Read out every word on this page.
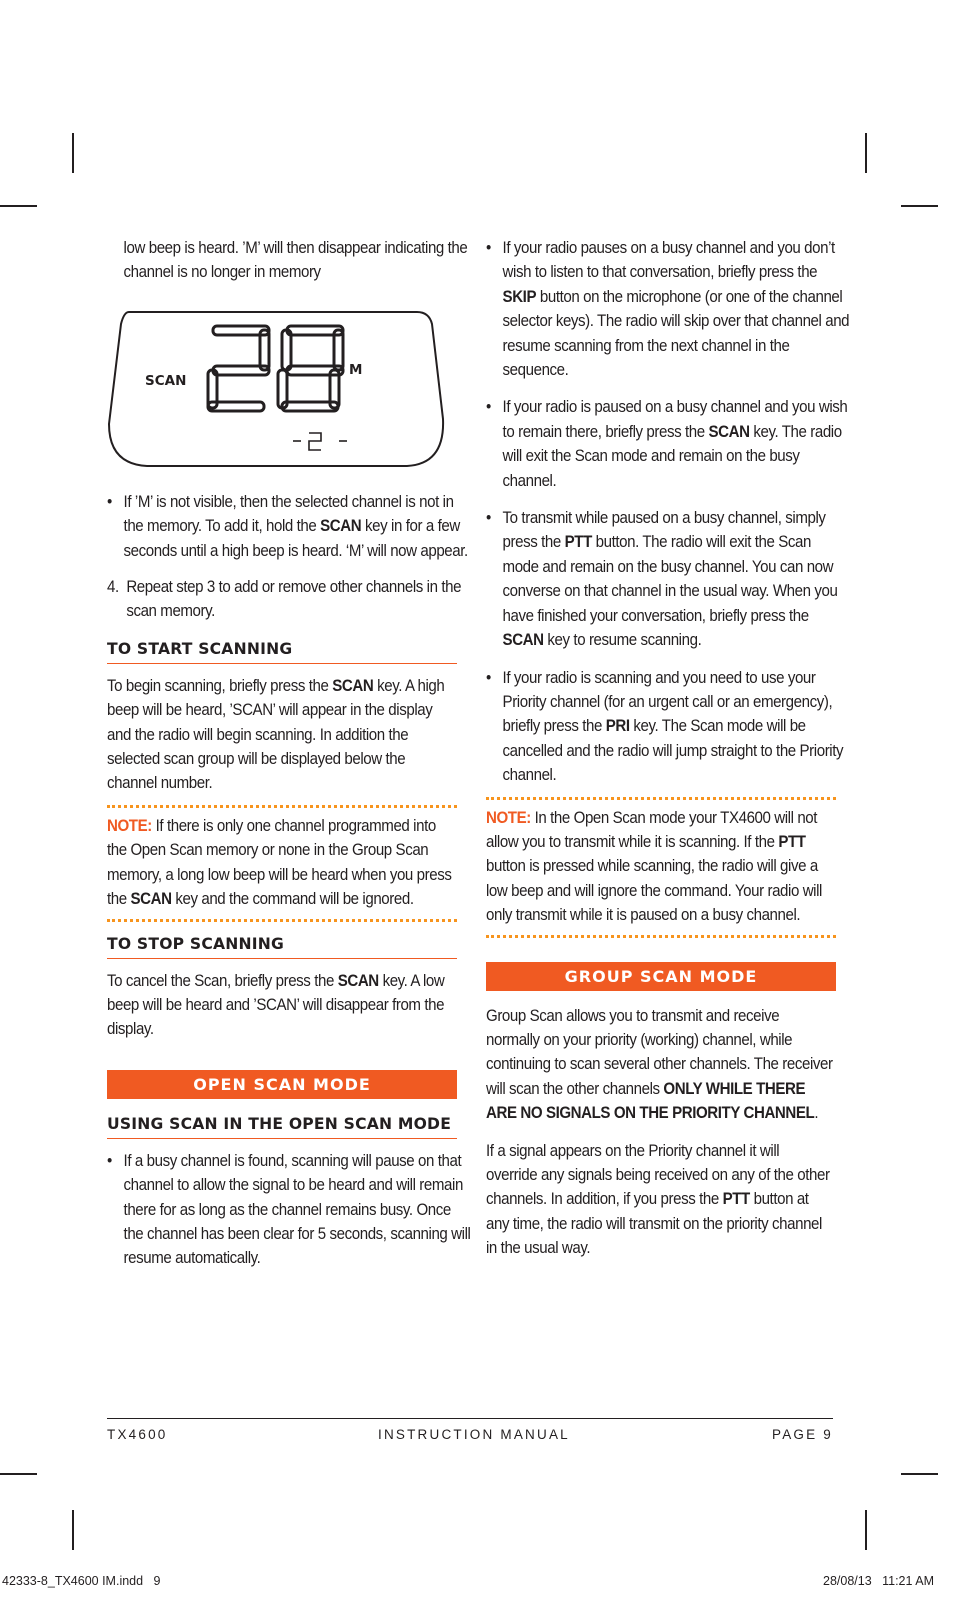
low beep is heard. ’M’ will then disappear indicating the channel is no longer in memory

SCAN
M
• If ’M’ is not visible, then the selected channel is not in the memory. To add it, hold the SCAN key in for a few seconds until a high beep is heard. ‘M’ will now appear.
4. Repeat step 3 to add or remove other channels in the scan memory.
TO START SCANNING

To begin scanning, briefly press the SCAN key. A high beep will be heard, ’SCAN’ will appear in the display and the radio will begin scanning. In addition the selected scan group will be displayed below the channel number.

NOTE: If there is only one channel programmed into the Open Scan memory or none in the Group Scan memory, a long low beep will be heard when you press the SCAN key and the command will be ignored.

TO STOP SCANNING

To cancel the Scan, briefly press the SCAN key. A low beep will be heard and ’SCAN’ will disappear from the display.

OPEN SCAN MODE
USING SCAN IN THE OPEN SCAN MODE
• If a busy channel is found, scanning will pause on that channel to allow the signal to be heard and will remain there for as long as the channel remains busy. Once the channel has been clear for 5 seconds, scanning will resume automatically.
• If your radio pauses on a busy channel and you don’t wish to listen to that conversation, briefly press the SKIP button on the microphone (or one of the channel selector keys). The radio will skip over that channel and resume scanning from the next channel in the sequence.
• If your radio is paused on a busy channel and you wish to remain there, briefly press the SCAN key. The radio will exit the Scan mode and remain on the busy channel.
• To transmit while paused on a busy channel, simply press the PTT button. The radio will exit the Scan mode and remain on the busy channel. You can now converse on that channel in the usual way. When you have finished your conversation, briefly press the SCAN key to resume scanning.
• If your radio is scanning and you need to use your Priority channel (for an urgent call or an emergency), briefly press the PRI key. The Scan mode will be cancelled and the radio will jump straight to the Priority channel.

NOTE: In the Open Scan mode your TX4600 will not allow you to transmit while it is scanning. If the PTT button is pressed while scanning, the radio will give a low beep and will ignore the command. Your radio will only transmit while it is paused on a busy channel.

GROUP SCAN MODE

Group Scan allows you to transmit and receive normally on your priority (working) channel, while continuing to scan several other channels. The receiver will scan the other channels ONLY WHILE THERE ARE NO SIGNALS ON THE PRIORITY CHANNEL.

If a signal appears on the Priority channel it will override any signals being received on any of the other channels. In addition, if you press the PTT button at any time, the radio will transmit on the priority channel in the usual way.

TX4600	INSTRUCTION MANUAL	PAGE 9
42333-8_TX4600 IM.indd   9	28/08/13   11:21 AM
